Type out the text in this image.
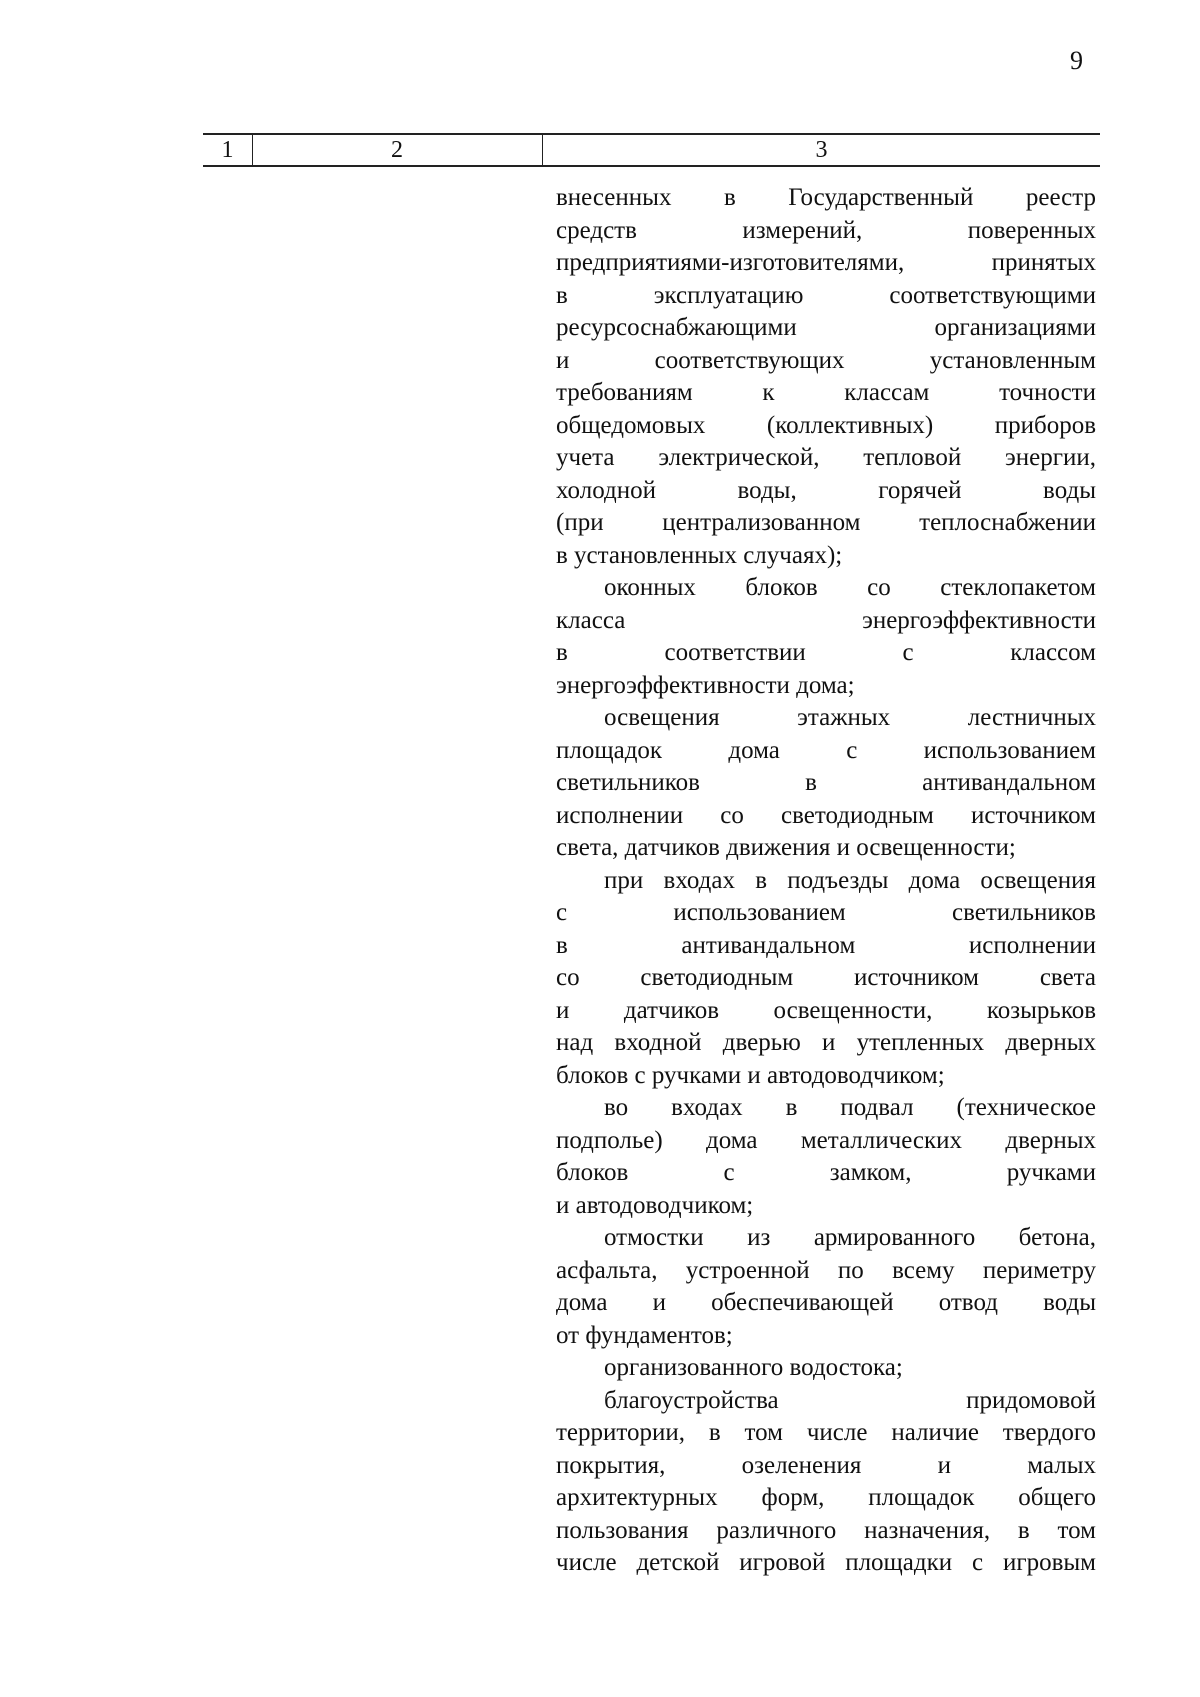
9
1	2	3
внесенных в Государственный реестр
средств измерений, поверенных
предприятиями-изготовителями, принятых
в эксплуатацию соответствующими
ресурсоснабжающими организациями
и соответствующих установленным
требованиям к классам точности
общедомовых (коллективных) приборов
учета электрической, тепловой энергии,
холодной воды, горячей воды
(при централизованном теплоснабжении
в установленных случаях);
оконных блоков со стеклопакетом
класса энергоэффективности
в соответствии с классом
энергоэффективности дома;
освещения этажных лестничных
площадок дома с использованием
светильников в антивандальном
исполнении со светодиодным источником
света, датчиков движения и освещенности;
при входах в подъезды дома освещения
с использованием светильников
в антивандальном исполнении
со светодиодным источником света
и датчиков освещенности, козырьков
над входной дверью и утепленных дверных
блоков с ручками и автодоводчиком;
во входах в подвал (техническое
подполье) дома металлических дверных
блоков с замком, ручками
и автодоводчиком;
отмостки из армированного бетона,
асфальта, устроенной по всему периметру
дома и обеспечивающей отвод воды
от фундаментов;
организованного водостока;
благоустройства придомовой
территории, в том числе наличие твердого
покрытия, озеленения и малых
архитектурных форм, площадок общего
пользования различного назначения, в том
числе детской игровой площадки с игровым
